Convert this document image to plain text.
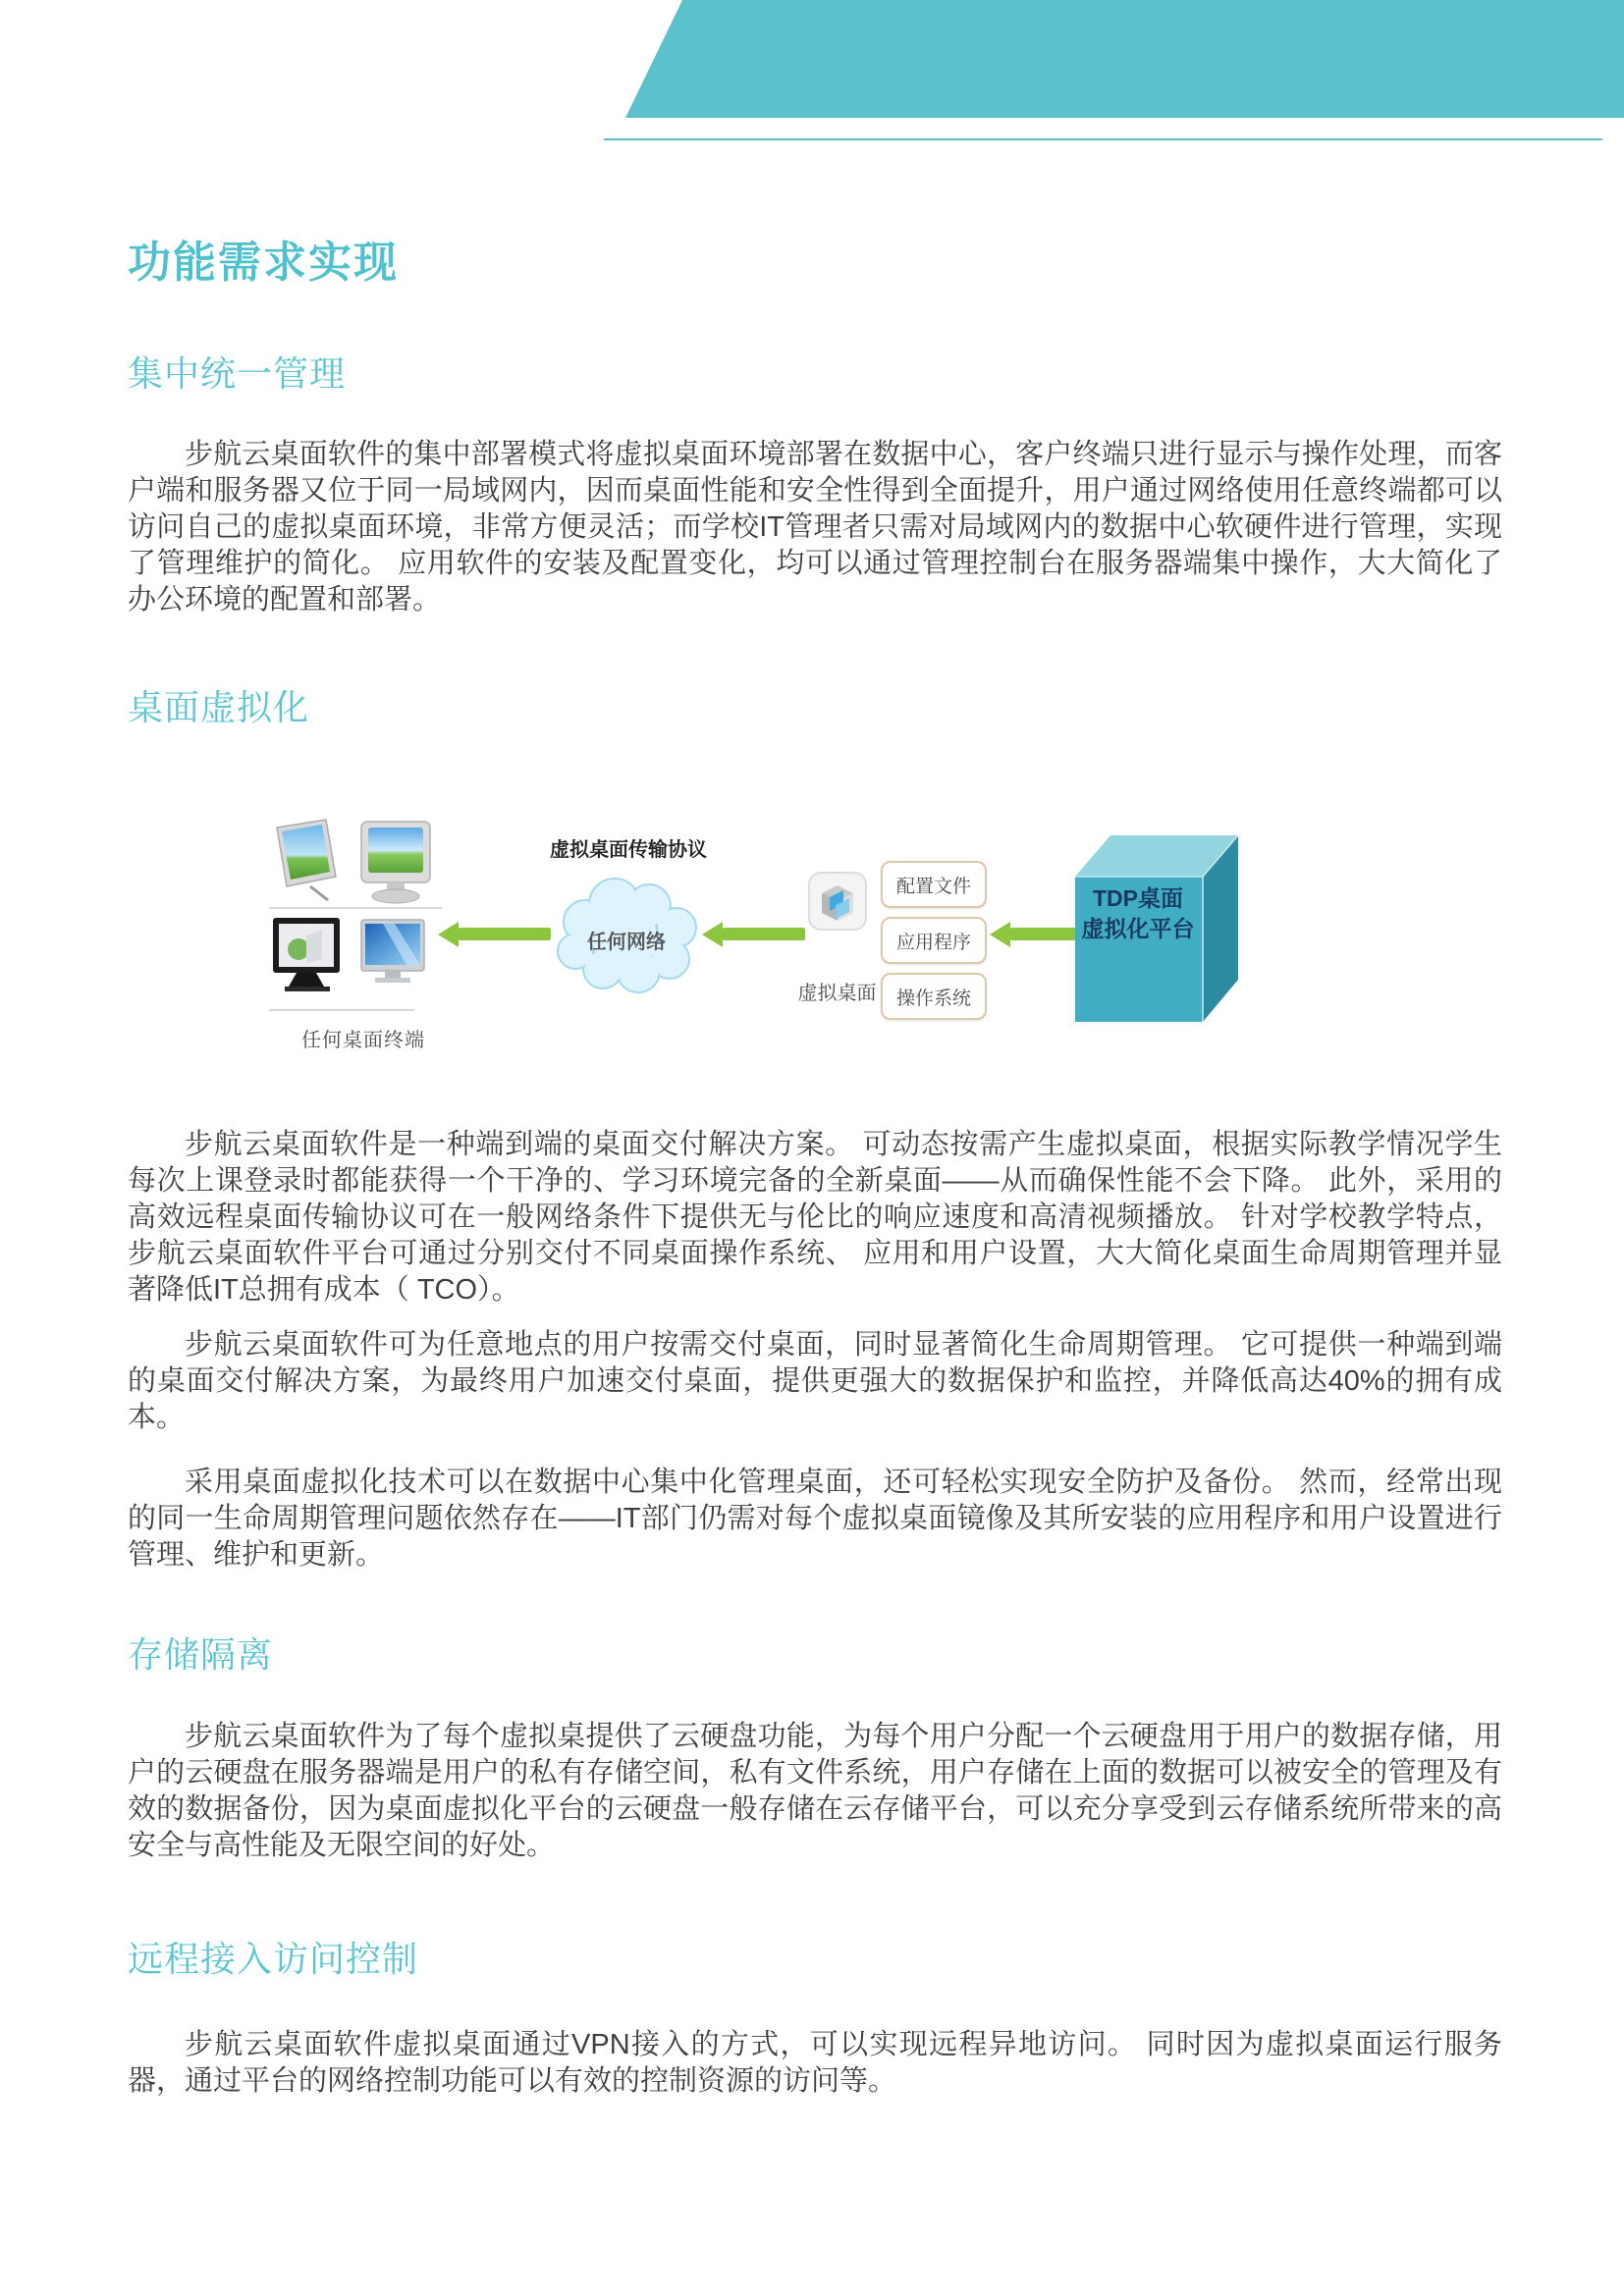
功能需求实现
集中统一管理

步航云桌面软件的集中部署模式将虚拟桌面环境部署在数据中心，客户终端只进行显示与操作处理，而客户端和服务器又位于同一局域网内，因而桌面性能和安全性得到全面提升，用户通过网络使用任意终端都可以访问自己的虚拟桌面环境，非常方便灵活；而学校IT管理者只需对局域网内的数据中心软硬件进行管理，实现了管理维护的简化。 应用软件的安装及配置变化，均可以通过管理控制台在服务器端集中操作，大大简化了办公环境的配置和部署。

桌面虚拟化
任何桌面终端
虚拟桌面传输协议
任何网络
虚拟桌面
配置文件
应用程序
操作系统
TDP桌面
虚拟化平台

步航云桌面软件是一种端到端的桌面交付解决方案。 可动态按需产生虚拟桌面，根据实际教学情况学生每次上课登录时都能获得一个干净的、学习环境完备的全新桌面——从而确保性能不会下降。 此外，采用的高效远程桌面传输协议可在一般网络条件下提供无与伦比的响应速度和高清视频播放。 针对学校教学特点，步航云桌面软件平台可通过分别交付不同桌面操作系统、 应用和用户设置，大大简化桌面生命周期管理并显著降低IT总拥有成本（ TCO）。

步航云桌面软件可为任意地点的用户按需交付桌面，同时显著简化生命周期管理。 它可提供一种端到端的桌面交付解决方案，为最终用户加速交付桌面，提供更强大的数据保护和监控，并降低高达40%的拥有成本。

采用桌面虚拟化技术可以在数据中心集中化管理桌面，还可轻松实现安全防护及备份。 然而，经常出现的同一生命周期管理问题依然存在——IT部门仍需对每个虚拟桌面镜像及其所安装的应用程序和用户设置进行管理、维护和更新。

存储隔离

步航云桌面软件为了每个虚拟桌提供了云硬盘功能，为每个用户分配一个云硬盘用于用户的数据存储，用户的云硬盘在服务器端是用户的私有存储空间，私有文件系统，用户存储在上面的数据可以被安全的管理及有效的数据备份，因为桌面虚拟化平台的云硬盘一般存储在云存储平台，可以充分享受到云存储系统所带来的高安全与高性能及无限空间的好处。

远程接入访问控制

步航云桌面软件虚拟桌面通过VPN接入的方式，可以实现远程异地访问。 同时因为虚拟桌面运行服务器，通过平台的网络控制功能可以有效的控制资源的访问等。
